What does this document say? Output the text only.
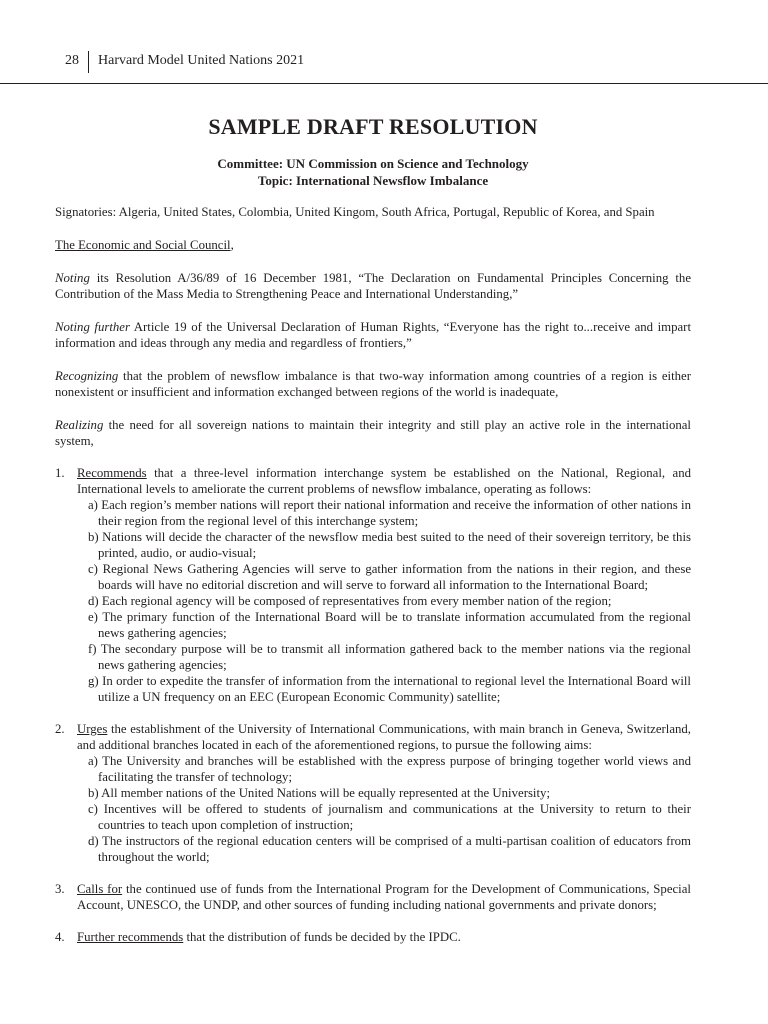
28 Harvard Model United Nations 2021
SAMPLE DRAFT RESOLUTION

Committee: UN Commission on Science and Technology

Topic: International Newsflow Imbalance

Signatories: Algeria, United States, Colombia, United Kingom, South Africa, Portugal, Republic of Korea, and Spain

The Economic and Social Council,

Noting its Resolution A/36/89 of 16 December 1981, “The Declaration on Fundamental Principles Concerning the Contribution of the Mass Media to Strengthening Peace and International Understanding,”

Noting further Article 19 of the Universal Declaration of Human Rights, “Everyone has the right to...receive and impart information and ideas through any media and regardless of frontiers,”

Recognizing that the problem of newsflow imbalance is that two-way information among countries of a region is either nonexistent or insufficient and information exchanged between regions of the world is inadequate,

Realizing the need for all sovereign nations to maintain their integrity and still play an active role in the international system,

1. Recommends that a three-level information interchange system be established on the National, Regional, and International levels to ameliorate the current problems of newsflow imbalance, operating as follows:

a) Each region’s member nations will report their national information and receive the information of other nations in their region from the regional level of this interchange system;
b) Nations will decide the character of the newsflow media best suited to the need of their sovereign territory, be this printed, audio, or audio-visual;
c) Regional News Gathering Agencies will serve to gather information from the nations in their region, and these boards will have no editorial discretion and will serve to forward all information to the International Board;
d) Each regional agency will be composed of representatives from every member nation of the region;
e) The primary function of the International Board will be to translate information accumulated from the regional news gathering agencies;
f) The secondary purpose will be to transmit all information gathered back to the member nations via the regional news gathering agencies;
g) In order to expedite the transfer of information from the international to regional level the International Board will utilize a UN frequency on an EEC (European Economic Community) satellite;
2. Urges the establishment of the University of International Communications, with main branch in Geneva, Switzerland, and additional branches located in each of the aforementioned regions, to pursue the following aims:

a) The University and branches will be established with the express purpose of bringing together world views and facilitating the transfer of technology;
b) All member nations of the United Nations will be equally represented at the University;
c) Incentives will be offered to students of journalism and communications at the University to return to their countries to teach upon completion of instruction;
d) The instructors of the regional education centers will be comprised of a multi-partisan coalition of educators from throughout the world;
3. Calls for the continued use of funds from the International Program for the Development of Communications, Special Account, UNESCO, the UNDP, and other sources of funding including national governments and private donors;

4. Further recommends that the distribution of funds be decided by the IPDC.
